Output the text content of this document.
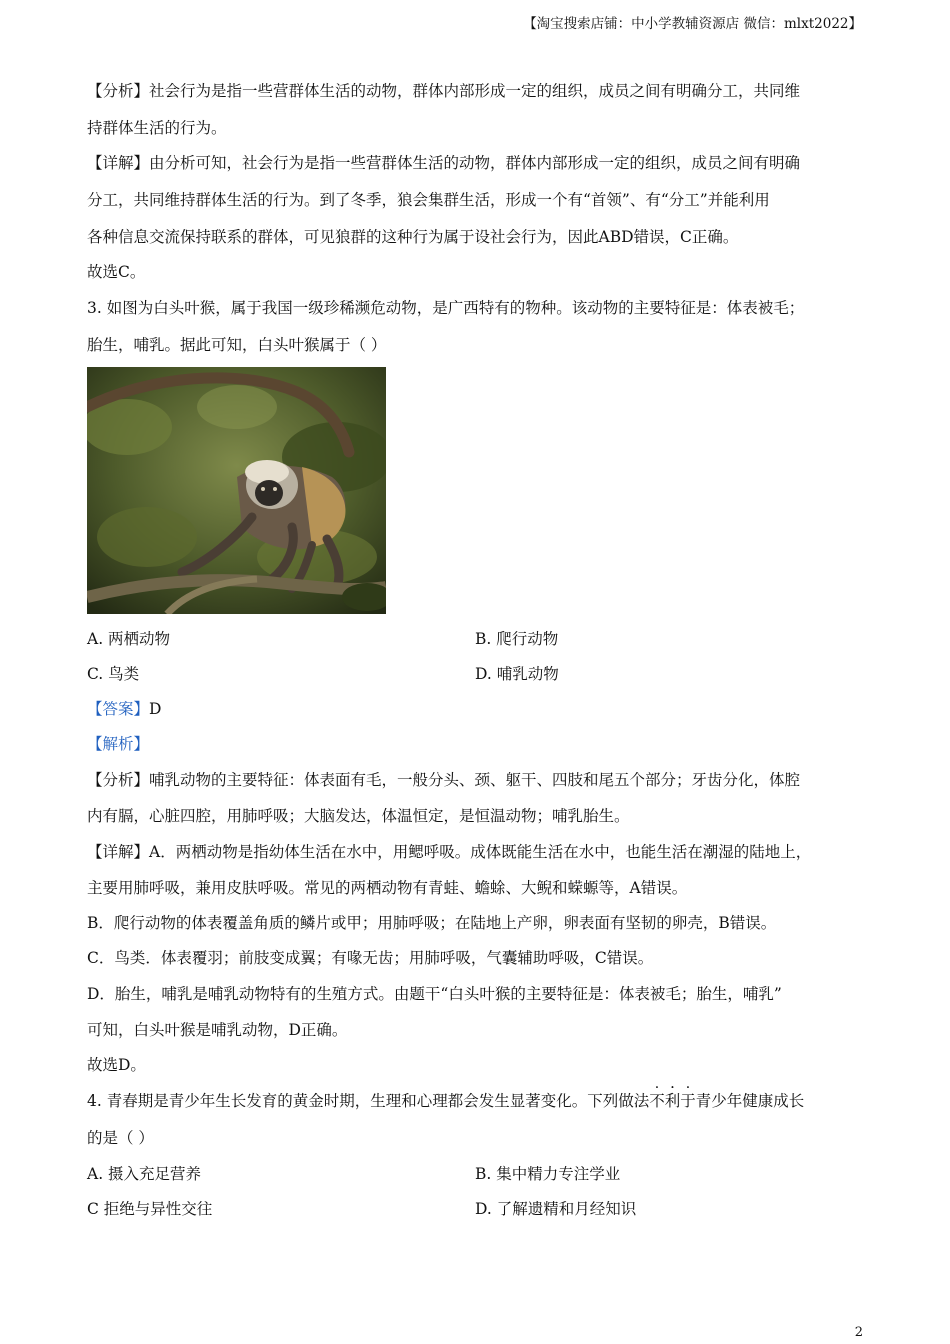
【淘宝搜索店铺：中小学教辅资源店 微信：mlxt2022】
【分析】社会行为是指一些营群体生活的动物，群体内部形成一定的组织，成员之间有明确分工，共同维
持群体生活的行为。
【详解】由分析可知，社会行为是指一些营群体生活的动物，群体内部形成一定的组织，成员之间有明确
分工，共同维持群体生活的行为。到了冬季，狼会集群生活，形成一个有“首领”、有“分工”并能利用
各种信息交流保持联系的群体，可见狼群的这种行为属于设社会行为，因此ABD错误，C正确。
故选C。
3. 如图为白头叶猴，属于我国一级珍稀濒危动物，是广西特有的物种。该动物的主要特征是：体表被毛；
胎生，哺乳。据此可知，白头叶猴属于（ ）
A. 两栖动物	B. 爬行动物
C. 鸟类	D. 哺乳动物
【答案】D
【解析】
【分析】哺乳动物的主要特征：体表面有毛，一般分头、颈、躯干、四肢和尾五个部分；牙齿分化，体腔
内有膈，心脏四腔，用肺呼吸；大脑发达，体温恒定，是恒温动物；哺乳胎生。
【详解】A．两栖动物是指幼体生活在水中，用鳃呼吸。成体既能生活在水中，也能生活在潮湿的陆地上，
主要用肺呼吸，兼用皮肤呼吸。常见的两栖动物有青蛙、蟾蜍、大鲵和蝾螈等，A错误。
B．爬行动物的体表覆盖角质的鳞片或甲；用肺呼吸；在陆地上产卵，卵表面有坚韧的卵壳，B错误。
C．鸟类．体表覆羽；前肢变成翼；有喙无齿；用肺呼吸，气囊辅助呼吸，C错误。
D．胎生，哺乳是哺乳动物特有的生殖方式。由题干“白头叶猴的主要特征是：体表被毛；胎生，哺乳”
可知，白头叶猴是哺乳动物，D正确。
故选D。
4. 青春期是青少年生长发育的黄金时期，生理和心理都会发生显著变化。下列做法不利于青少年健康成长
的是（ ）
A. 摄入充足营养	B. 集中精力专注学业
C 拒绝与异性交往	D. 了解遗精和月经知识
2
